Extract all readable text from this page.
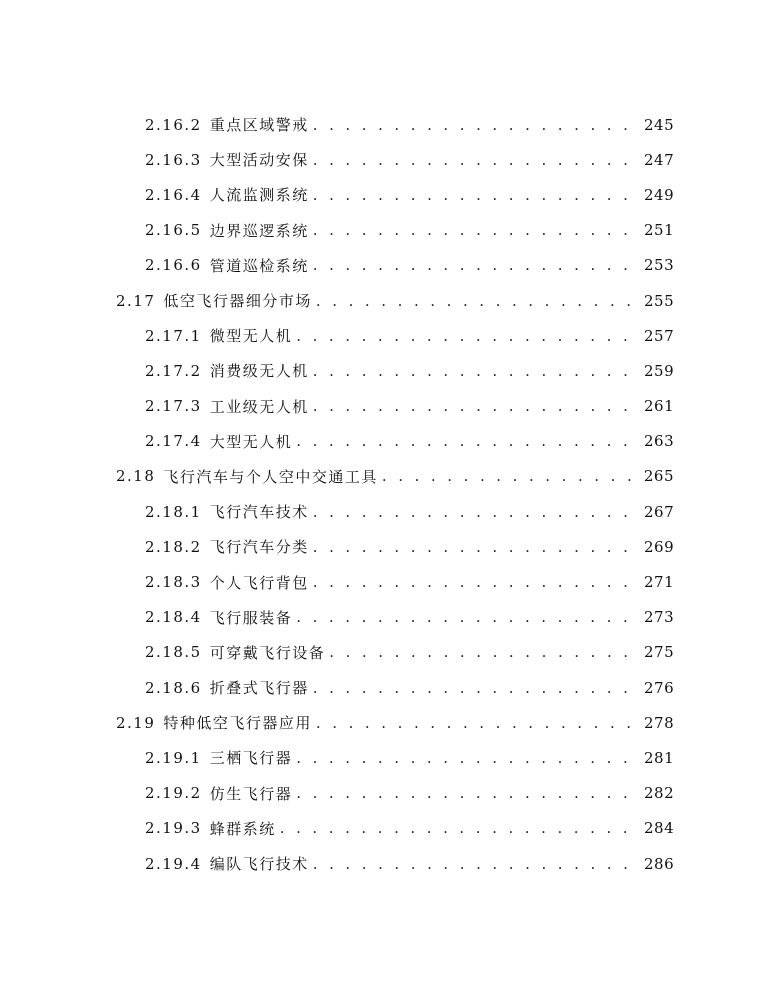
2.16.2 重点区域警戒 . . .	245
2.16.3 大型活动安保 . . .	247
2.16.4 人流监测系统 . . .	249
2.16.5 边界巡逻系统 . . .	251
2.16.6 管道巡检系统 . . .	253
2.17 低空飞行器细分市场 . . .	255
2.17.1 微型无人机 . . .	257
2.17.2 消费级无人机 . . .	259
2.17.3 工业级无人机 . . .	261
2.17.4 大型无人机 . . .	263
2.18 飞行汽车与个人空中交通工具 . . .	265
2.18.1 飞行汽车技术 . . .	267
2.18.2 飞行汽车分类 . . .	269
2.18.3 个人飞行背包 . . .	271
2.18.4 飞行服装备 . . .	273
2.18.5 可穿戴飞行设备 . . .	275
2.18.6 折叠式飞行器 . . .	276
2.19 特种低空飞行器应用 . . .	278
2.19.1 三栖飞行器 . . .	281
2.19.2 仿生飞行器 . . .	282
2.19.3 蜂群系统 . . .	284
2.19.4 编队飞行技术 . . .	286
